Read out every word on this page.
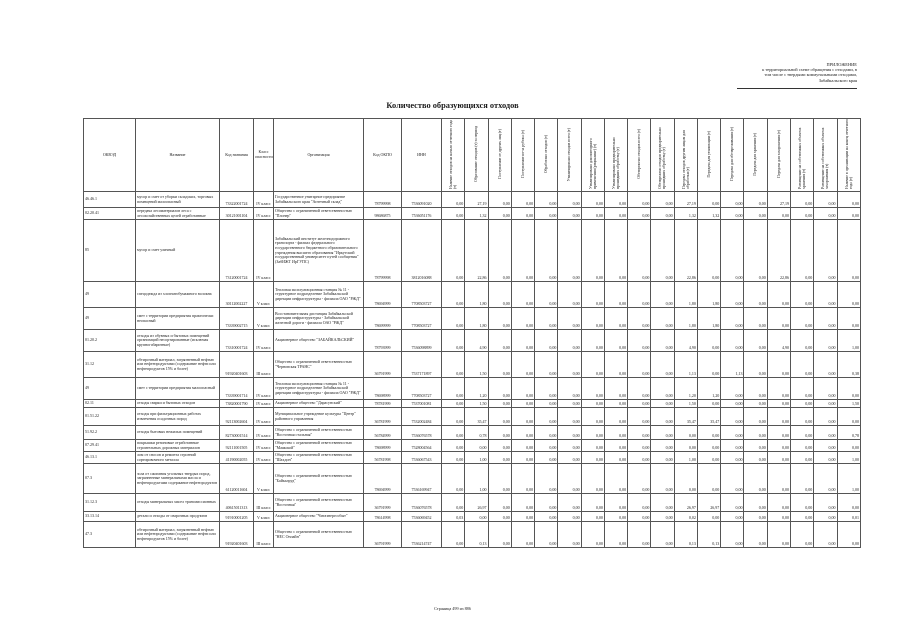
ПРИЛОЖЕНИЕ
к территориальной схеме обращения с отходами, в
том числе с твердыми коммунальными отходами,
Забайкальского края
Количество образующихся отходов
ОКВЭД	Название	Код названия	Класс опасности	Организация	Код ОКПО	ИНН	Наличие отходов на начало отчетного года (т)	Образование отходов (т) за период	Поступление от других лиц (т)	Поступление из-за рубежа (т)	Обработано отходов (т)	Утилизировано отходов всего (т)	Утилизировано для повторного применения (рециклинг) (т)	Утилизировано предварительно прошедших обработку (т)	Обезврежено отходов всего (т)	Обезврежено отходов предварительно прошедших обработку (т)	Передача отходов другим лицам для обработки (т)	Передача для утилизации (т)	Передача для обезвреживания (т)	Передача для хранения (т)	Передача для захоронения (т)	Размещение на собственных объектах хранения (т)	Размещение на собственных объектах захоронения (т)	Наличие в организации на конец отчетного года (т)
46.46.1	мусор и смет от уборки складских, торговых помещений малоопасный	73322001724	IV класс	Государственное унитарное предприятие Забайкальского края "Аптечный склад"	78799998	7536091020	0,00	27,19	0,00	0,00	0,00	0,00	0,00	0,00	0,00	0,00	27,19	0,00	0,00	0,00	27,19	0,00	0,00	0,00
02.20.41	передача лесоматериалов леса с лесохозяйственных целей отработанные	30121001104	IV класс	Общество с ограниченной ответственностью "Плонер"	98686875	7536051176	0,00	1,32	0,00	0,00	0,00	0,00	0,00	0,00	0,00	0,00	1,32	1,32	0,00	0,00	0,00	0,00	0,00	0,00
85	мусор и смет уличный	73120001724	IV класс	Забайкальский институт железнодорожного транспорта - филиал федерального государственного бюджетного образовательного учреждения высшего образования "Иркутский государственный университет путей сообщения" (ЗабИЖТ ИрГУПС)	78799998	3812016088	0,00	22,86	0,00	0,00	0,00	0,00	0,00	0,00	0,00	0,00	22,86	0,00	0,00	0,00	22,86	0,00	0,00	0,00
49	спецодежда из хлопчатобумажного волокна	30112002227	V класс	Тепловая эксплуатационная станция № 11 - структурное подразделение Забайкальской дирекции инфраструктуры - филиала ОАО "РЖД"	78694999	7708503727	0,00	1,80	0,00	0,00	0,00	0,00	0,00	0,00	0,00	0,00	1,80	1,80	0,00	0,00	0,00	0,00	0,00	0,00
49	смет с территории предприятия практически неопасный	73339002715	V класс	Восстановительная дистанция Забайкальской дирекции инфраструктуры - Забайкальской железной дороги - филиала ОАО "РЖД"	78699999	7708503727	0,00	1,80	0,00	0,00	0,00	0,00	0,00	0,00	0,00	0,00	1,80	1,80	0,00	0,00	0,00	0,00	0,00	0,00
01.20.2	отходы из обувных и бытовых помещений организаций несортированные (исключая крупногабаритные)	73310001724	IV класс	Акционерное общество "ЗАБАЙКАЛЬСКИЙ"	78793999	7536098899	0,00	4,90	0,00	0,00	0,00	0,00	0,00	0,00	0,00	0,00	4,90	0,00	0,00	0,00	4,90	0,00	0,00	1,00
31.12	обтирочный материал, загрязненный нефтью или нефтепродуктами (содержание нефти или нефтепродуктов 15% и более)	91920401603	III класс	Общество с ограниченной ответственностью "Черновская ТРАНС"	36791999	7537171897	0,00	1,50	0,00	0,00	0,00	0,00	0,00	0,00	0,00	0,00	1,13	0,00	1,13	0,00	0,00	0,00	0,00	0,38
49	смет с территории предприятия малоопасный	73339001714	IV класс	Тепловая эксплуатационная станция № 11 - структурное подразделение Забайкальской дирекции инфраструктуры - филиала ОАО "РЖД"	78698999	7708503727	0,00	1,20	0,00	0,00	0,00	0,00	0,00	0,00	0,00	0,00	1,20	1,20	0,00	0,00	0,00	0,00	0,00	0,00
02.11	отходы сварки и бытовых отходов	73820001790	IV класс	Акционерное общество "Дарасунский"	78781999	7537001081	0,00	1,50	0,00	0,00	0,00	0,00	0,00	0,00	0,00	0,00	1,50	0,00	0,00	0,00	0,00	0,00	0,00	1,50
01.51.22	отходы при фильтрационных работах извлечения осадочных пород	92113002604	IV класс	Муниципальное учреждение культуры "Центр" районного управления	36781999	7532002484	0,00	35,47	0,00	0,00	0,00	0,00	0,00	0,00	0,00	0,00	35,47	35,47	0,00	0,00	0,00	0,00	0,00	0,00
51.92.2	отходы бытовых нежилых помещений	82730001514	IV класс	Общество с ограниченной ответственностью "Восточная стальная"	56784999	7536076578	0,00	0,78	0,00	0,00	0,00	0,00	0,00	0,00	0,00	0,00	0,00	0,00	0,00	0,00	0,00	0,00	0,00	0,78
07.29.41	покрышки резиновые отработанные строительных дорожных материалов	92111001505	IV класс	Общество с ограниченной ответственностью "Маякской"	78698999	7528004564	0,00	0,00	0,00	0,00	0,00	0,00	0,00	0,00	0,00	0,00	0,00	0,00	0,00	0,00	0,00	0,00	0,00	0,00
46.13.1	лом от сносов и ремонта строений сортировочного металла	41190002055	IV класс	Общество с ограниченной ответственностью "Шахдон"	56781998	7536067543	0,00	1,00	0,00	0,00	0,00	0,00	0,00	0,00	0,00	0,00	1,00	0,00	0,00	0,00	0,00	0,00	0,00	1,00
07.3	зола от сжигания угольных твердых пород, загрязненные минеральными масла и нефтепродуктами содержание нефтепродуктов	61120011604	V класс	Общество с ограниченной ответственностью "Байкалруд"	78694999	7536169947	0,00	1,00	0,00	0,00	0,00	0,00	0,00	0,00	0,00	0,00	0,00	0,00	0,00	0,00	0,00	0,00	0,00	1,00
31.12.3	отходы минеральных масел трансмиссионных	40615011313	III класс	Общество с ограниченной ответственностью "Восточная"	36791999	7536076578	0,00	26,97	0,00	0,00	0,00	0,00	0,00	0,00	0,00	0,00	26,97	26,97	0,00	0,00	0,00	0,00	0,00	0,00
33.13.14	детали и отходы от сварочных продуктов	91910001205	V класс	Акционерное общество "Читаэнергосбыт"	78614998	7536069452	0,03	0,00	0,00	0,00	0,00	0,00	0,00	0,00	0,00	0,00	0,02	0,00	0,00	0,00	0,00	0,00	0,00	0,01
47.3	обтирочный материал, загрязненный нефтью или нефтепродуктами (содержание нефти или нефтепродуктов 15% и более)	91920401603	III класс	Общество с ограниченной ответственностью "НЕС Онлайн"	36791999	7536214747	0,00	0,13	0,00	0,00	0,00	0,00	0,00	0,00	0,00	0,00	0,13	0,13	0,00	0,00	0,00	0,00	0,00	0,00
Страница 499 из 886
